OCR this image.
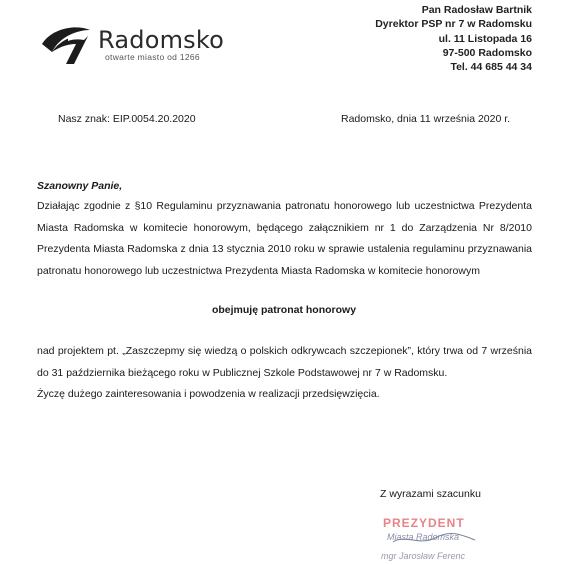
Radomsko
otwarte miasto od 1266
Pan Radosław Bartnik
Dyrektor PSP nr 7 w Radomsku
ul. 11 Listopada 16
97-500 Radomsko
Tel. 44 685 44 34
Nasz znak: EIP.0054.20.2020	Radomsko, dnia 11 września 2020 r.
Szanowny Panie,
Działając zgodnie z §10 Regulaminu przyznawania patronatu honorowego lub uczestnictwa Prezydenta Miasta Radomska w komitecie honorowym, będącego załącznikiem nr 1 do Zarządzenia Nr 8/2010 Prezydenta Miasta Radomska z dnia 13 stycznia 2010 roku w sprawie ustalenia regulaminu przyznawania patronatu honorowego lub uczestnictwa Prezydenta Miasta Radomska w komitecie honorowym
obejmuję patronat honorowy
nad projektem pt. „Zaszczepmy się wiedzą o polskich odkrywcach szczepionek”, który trwa od 7 września do 31 października bieżącego roku w Publicznej Szkole Podstawowej nr 7 w Radomsku.
Życzę dużego zainteresowania i powodzenia w realizacji przedsięwzięcia.
Z wyrazami szacunku
PREZYDENT
Miasta Radomska
mgr Jarosław Ferenc
